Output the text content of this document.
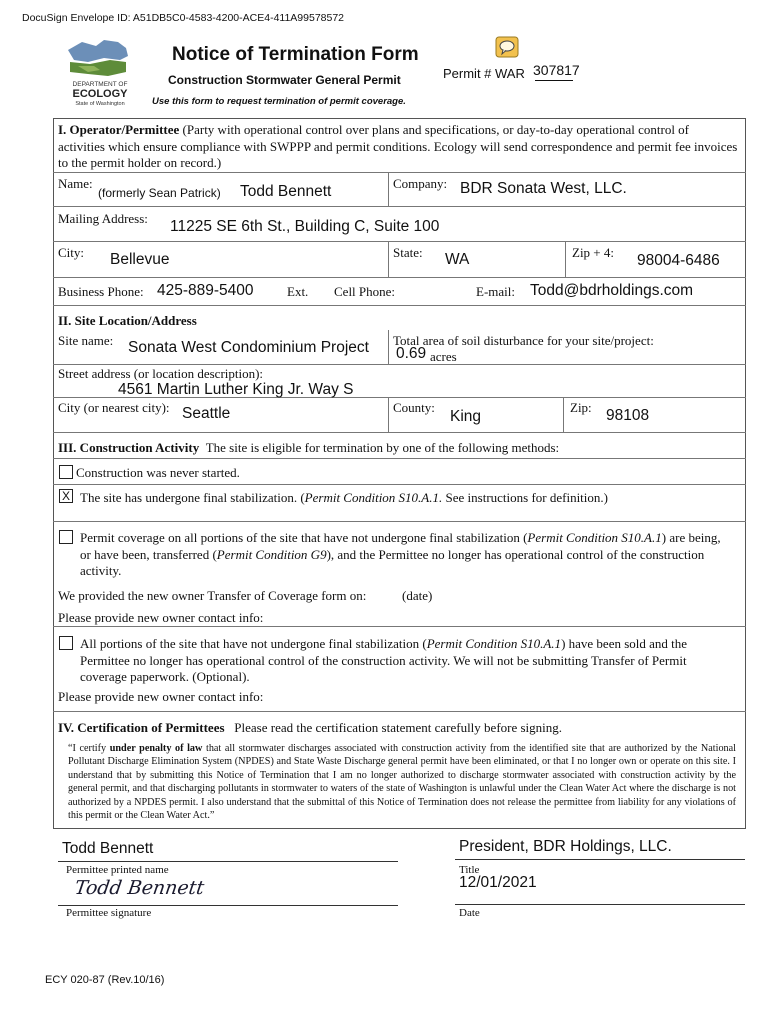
DocuSign Envelope ID: A51DB5C0-4583-4200-ACE4-411A99578572
DEPARTMENT OF
ECOLOGY
State of Washington
Notice of Termination Form
Construction Stormwater General Permit
Use this form to request termination of permit coverage.
Permit # WAR 307817
I. Operator/Permittee (Party with operational control over plans and specifications, or day-to-day operational control of activities which ensure compliance with SWPPP and permit conditions. Ecology will send correspondence and permit fee invoices to the permit holder on record.)
Name:
(formerly Sean Patrick) Todd Bennett	Company: BDR Sonata West, LLC.
Mailing Address: 11225 SE 6th St., Building C, Suite 100
City: Bellevue	State: WA	Zip + 4: 98004-6486
Business Phone: 425-889-5400	Ext. Cell Phone:	E-mail: Todd@bdrholdings.com
II. Site Location/Address
Site name: Sonata West Condominium Project Total area of soil disturbance for your site/project:
0.69 acres
Street address (or location description):
4561 Martin Luther King Jr. Way S
City (or nearest city): Seattle	County:
King
Zip: 98108
III. Construction Activity The site is eligible for termination by one of the following methods:
Construction was never started.
X The site has undergone final stabilization. (Permit Condition S10.A.1. See instructions for definition.)
Permit coverage on all portions of the site that have not undergone final stabilization (Permit Condition S10.A.1) are being, or have been, transferred (Permit Condition G9), and the Permittee no longer has operational control of the construction activity.
We provided the new owner Transfer of Coverage form on:	(date)
Please provide new owner contact info:
All portions of the site that have not undergone final stabilization (Permit Condition S10.A.1) have been sold and the Permittee no longer has operational control of the construction activity. We will not be submitting Transfer of Permit coverage paperwork. (Optional).
Please provide new owner contact info:
IV. Certification of Permittees Please read the certification statement carefully before signing.
“I certify under penalty of law that all stormwater discharges associated with construction activity from the identified site that are authorized by the National Pollutant Discharge Elimination System (NPDES) and State Waste Discharge general permit have been eliminated, or that I no longer own or operate on this site. I understand that by submitting this Notice of Termination that I am no longer authorized to discharge stormwater associated with construction activity by the general permit, and that discharging pollutants in stormwater to waters of the state of Washington is unlawful under the Clean Water Act where the discharge is not authorized by a NPDES permit. I also understand that the submittal of this Notice of Termination does not release the permittee from liability for any violations of this permit or the Clean Water Act.”
Todd Bennett
Permittee printed name
President, BDR Holdings, LLC.
Title
Todd Bennett
Permittee signature
12/01/2021
Date
ECY 020-87 (Rev.10/16)
